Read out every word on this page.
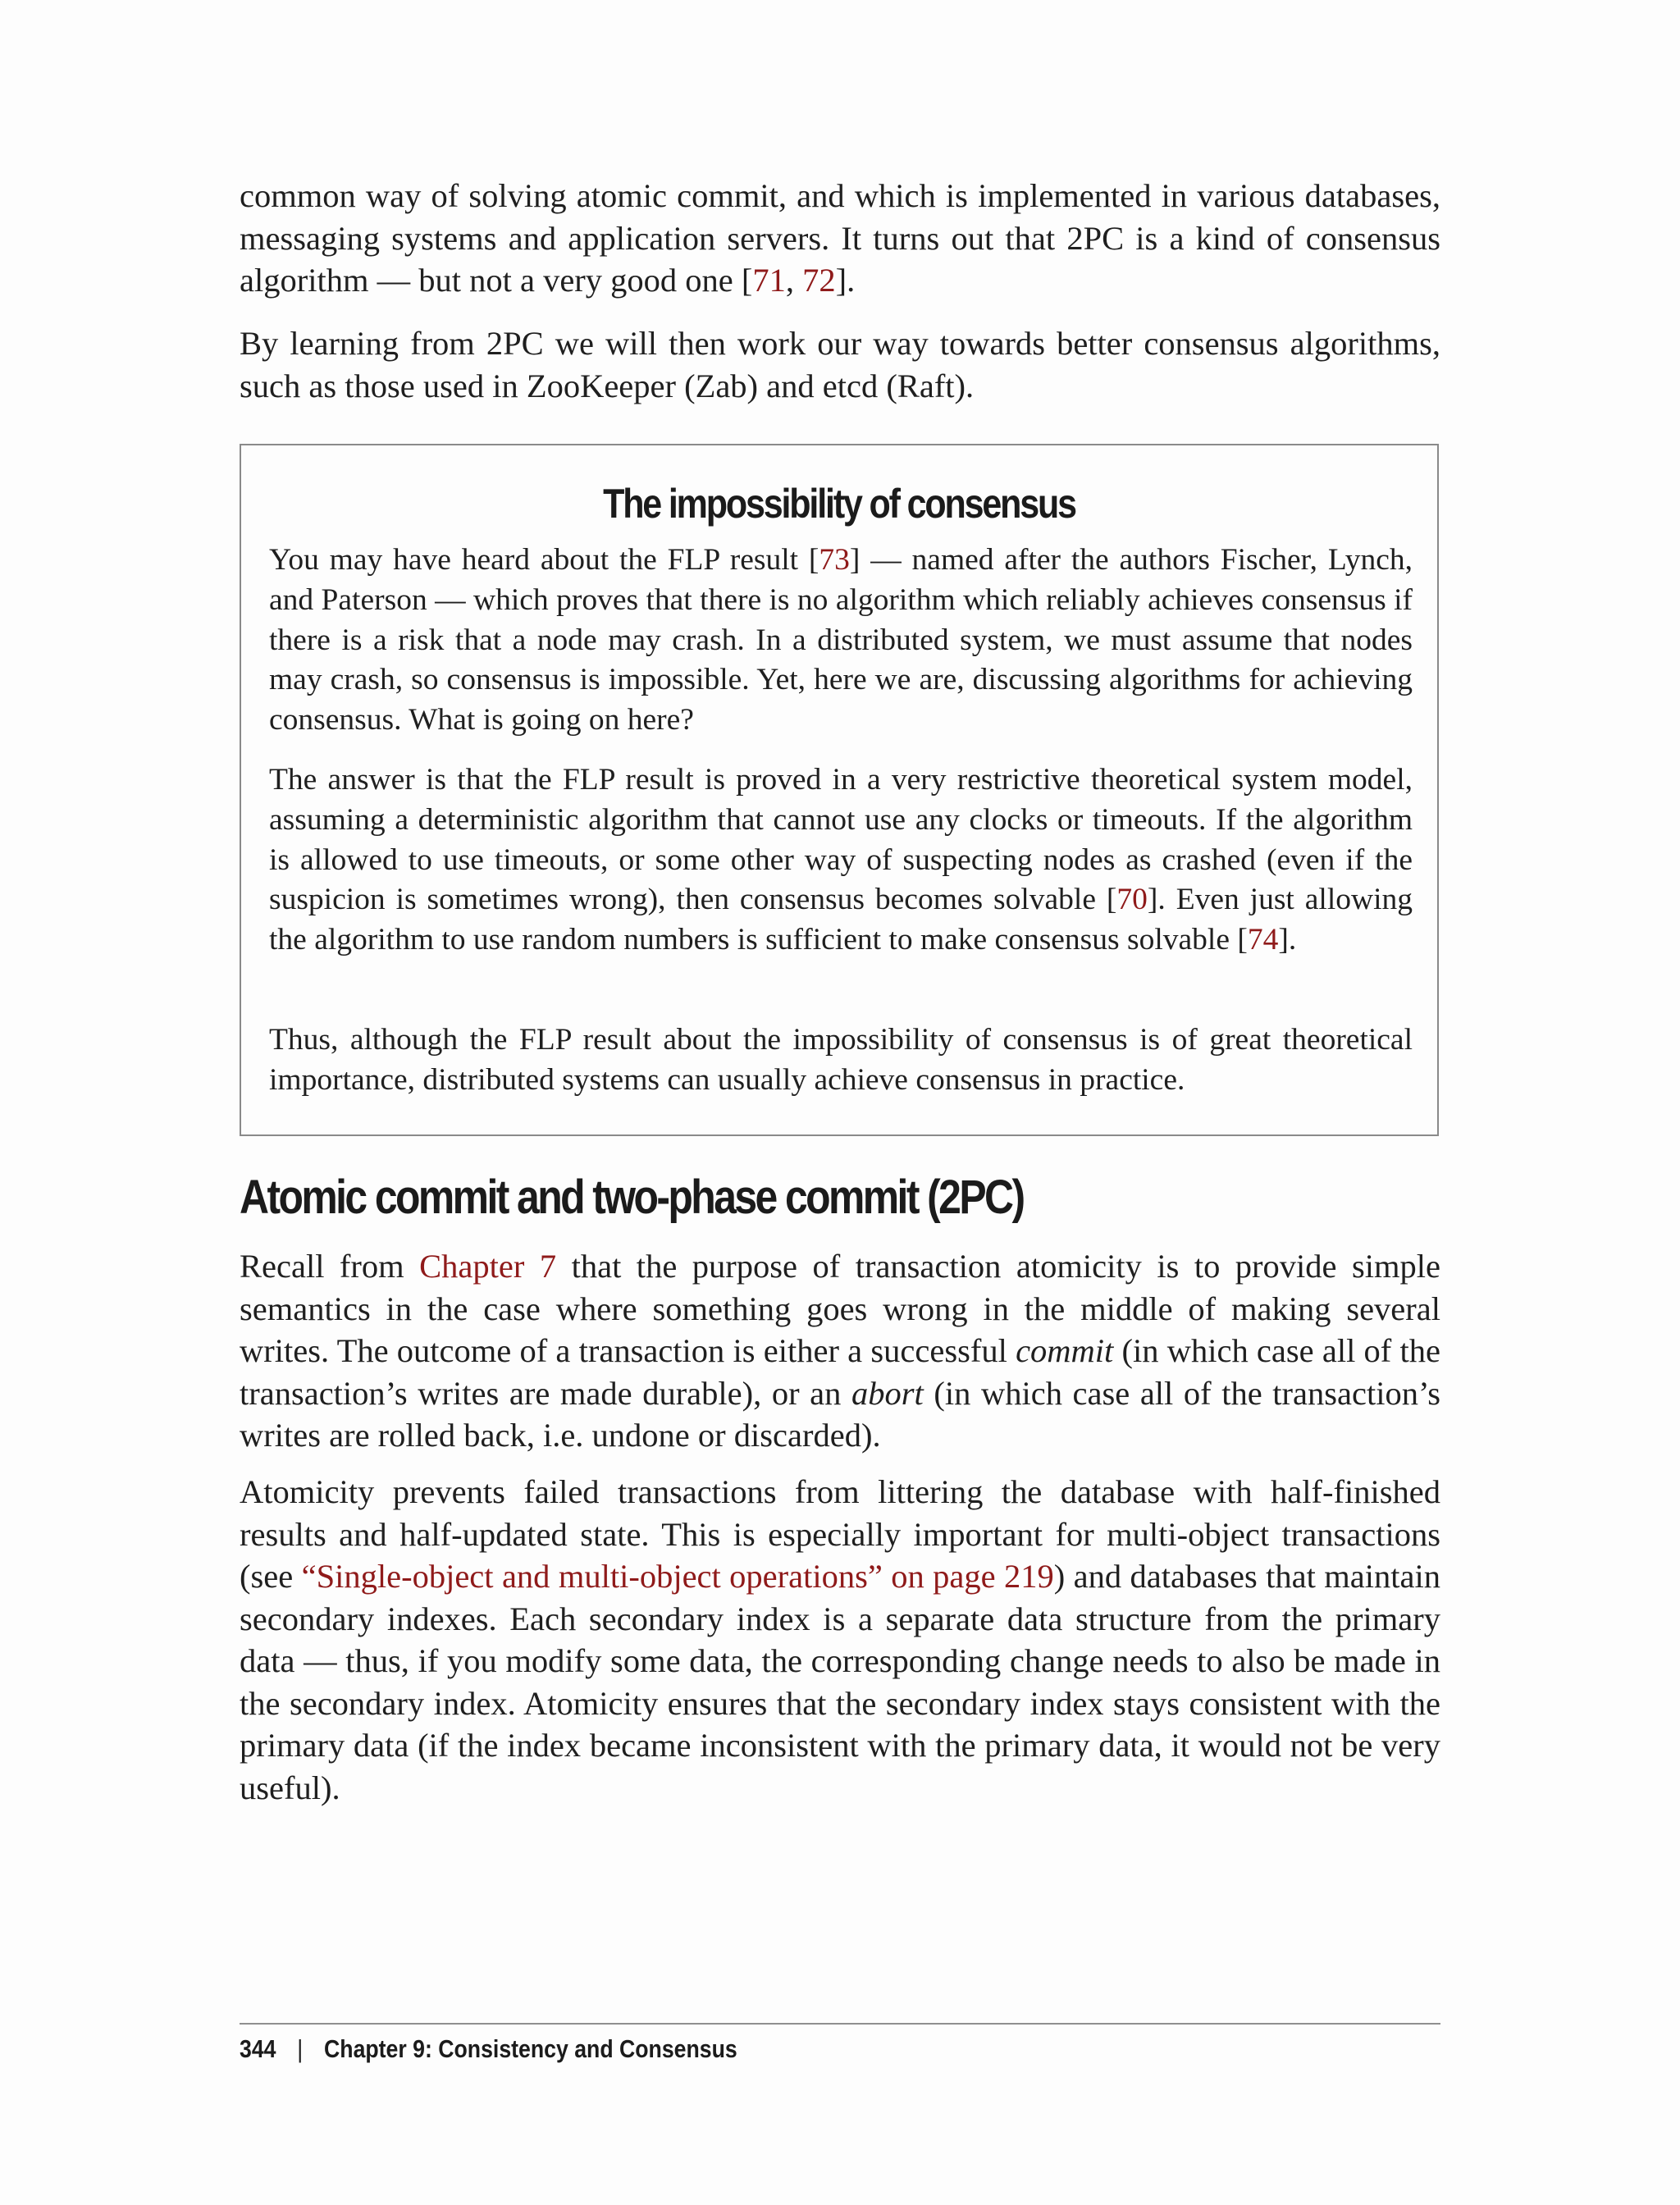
common way of solving atomic commit, and which is implemented in various databases, messaging systems and application servers. It turns out that 2PC is a kind of consensus algorithm — but not a very good one [71, 72].

By learning from 2PC we will then work our way towards better consensus algorithms, such as those used in ZooKeeper (Zab) and etcd (Raft).

The impossibility of consensus

You may have heard about the FLP result [73] — named after the authors Fischer, Lynch, and Paterson — which proves that there is no algorithm which reliably achieves consensus if there is a risk that a node may crash. In a distributed system, we must assume that nodes may crash, so consensus is impossible. Yet, here we are, discussing algorithms for achieving consensus. What is going on here?

The answer is that the FLP result is proved in a very restrictive theoretical system model, assuming a deterministic algorithm that cannot use any clocks or timeouts. If the algorithm is allowed to use timeouts, or some other way of suspecting nodes as crashed (even if the suspicion is sometimes wrong), then consensus becomes solvable [70]. Even just allowing the algorithm to use random numbers is sufficient to make consensus solvable [74].

Thus, although the FLP result about the impossibility of consensus is of great theoretical importance, distributed systems can usually achieve consensus in practice.

Atomic commit and two-phase commit (2PC)

Recall from Chapter 7 that the purpose of transaction atomicity is to provide simple semantics in the case where something goes wrong in the middle of making several writes. The outcome of a transaction is either a successful commit (in which case all of the transaction’s writes are made durable), or an abort (in which case all of the transaction’s writes are rolled back, i.e. undone or discarded).

Atomicity prevents failed transactions from littering the database with half-finished results and half-updated state. This is especially important for multi-object transactions (see “Single-object and multi-object operations” on page 219) and databases that maintain secondary indexes. Each secondary index is a separate data structure from the primary data — thus, if you modify some data, the corresponding change needs to also be made in the secondary index. Atomicity ensures that the secondary index stays consistent with the primary data (if the index became inconsistent with the primary data, it would not be very useful).

344 | Chapter 9: Consistency and Consensus
